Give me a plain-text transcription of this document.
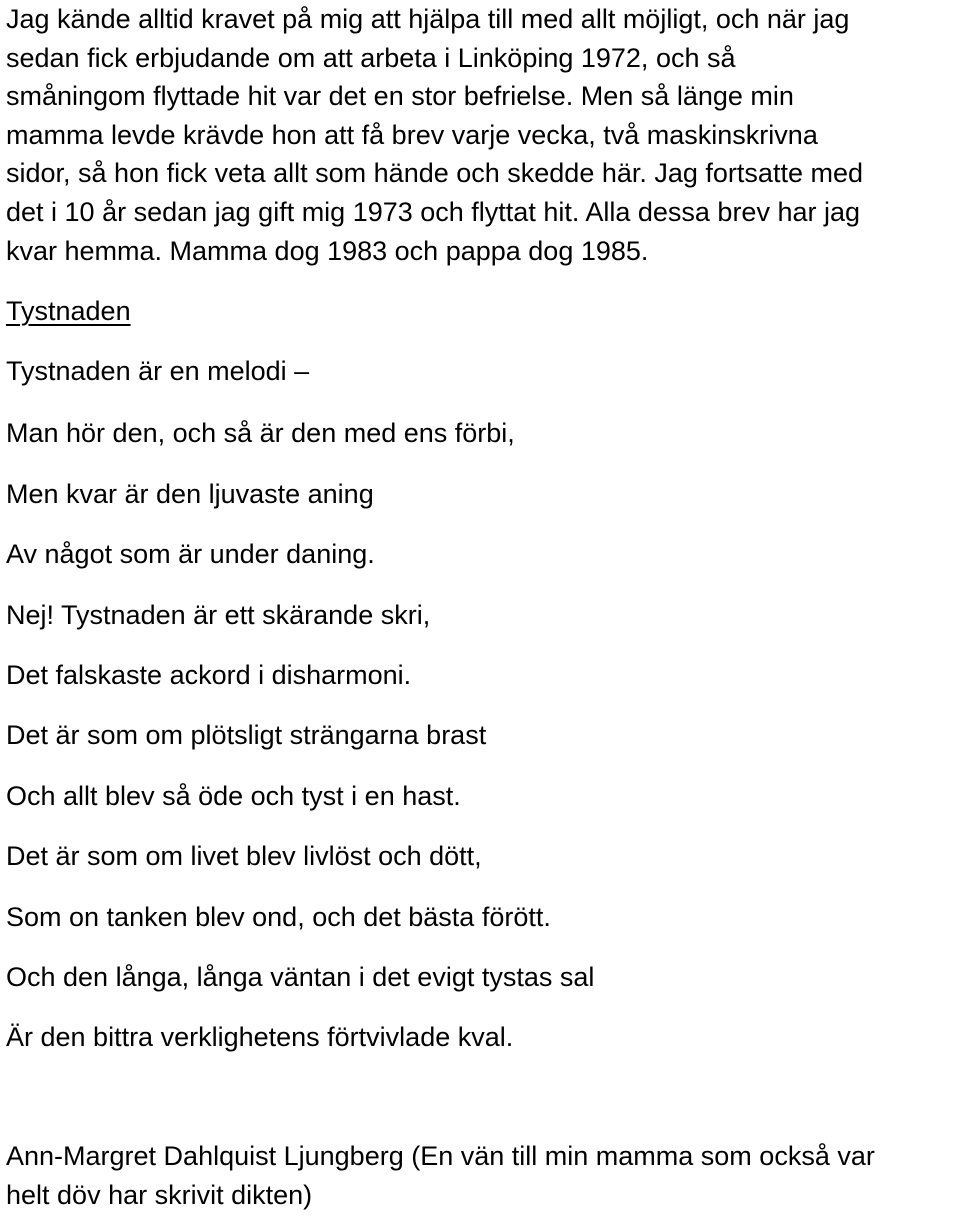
Jag kände alltid kravet på mig att hjälpa till med allt möjligt, och när jag
sedan fick erbjudande om att arbeta i Linköping 1972, och så
småningom flyttade hit var det en stor befrielse. Men så länge min
mamma levde krävde hon att få brev varje vecka, två maskinskrivna
sidor, så hon fick veta allt som hände och skedde här. Jag fortsatte med
det i 10 år sedan jag gift mig 1973 och flyttat hit. Alla dessa brev har jag
kvar hemma. Mamma dog 1983 och pappa dog 1985.

Tystnaden

Tystnaden är en melodi –

Man hör den, och så är den med ens förbi,

Men kvar är den ljuvaste aning

Av något som är under daning.

Nej! Tystnaden är ett skärande skri,

Det falskaste ackord i disharmoni.

Det är som om plötsligt strängarna brast

Och allt blev så öde och tyst i en hast.

Det är som om livet blev livlöst och dött,

Som on tanken blev ond, och det bästa förött.

Och den långa, långa väntan i det evigt tystas sal

Är den bittra verklighetens förtvivlade kval.

Ann-Margret Dahlquist Ljungberg (En vän till min mamma som också var
helt döv har skrivit dikten)
